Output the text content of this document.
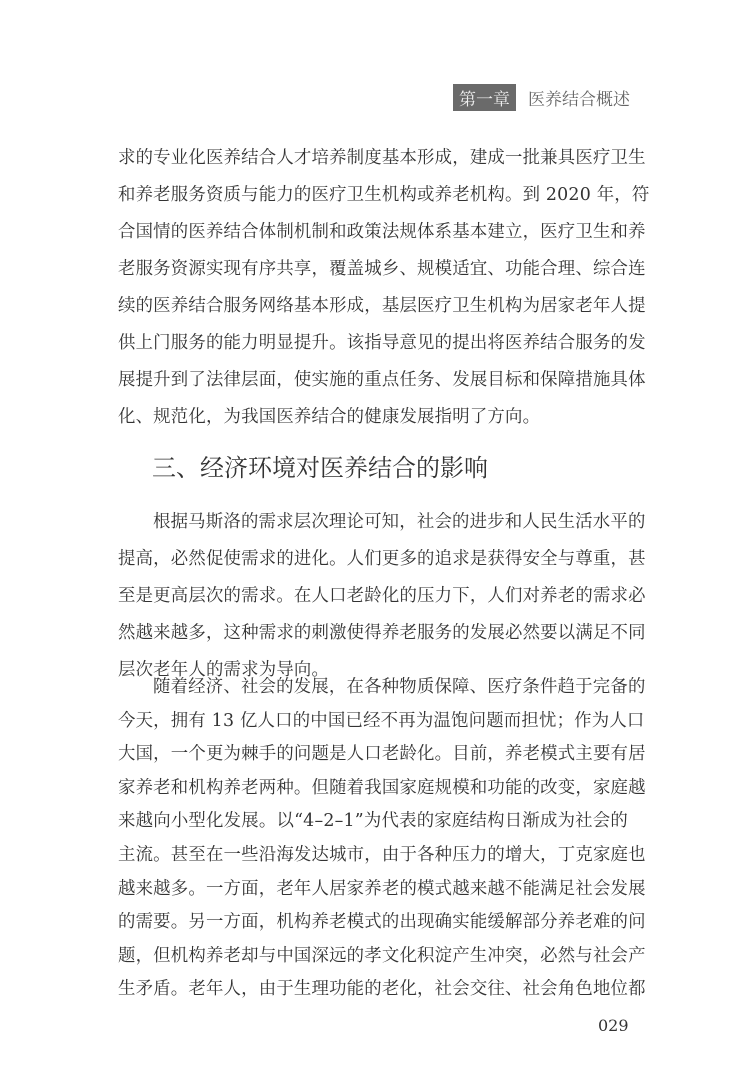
第一章	医养结合概述
求的专业化医养结合人才培养制度基本形成，建成一批兼具医疗卫生
和养老服务资质与能力的医疗卫生机构或养老机构。到 2020 年，符
合国情的医养结合体制机制和政策法规体系基本建立，医疗卫生和养
老服务资源实现有序共享，覆盖城乡、规模适宜、功能合理、综合连
续的医养结合服务网络基本形成，基层医疗卫生机构为居家老年人提
供上门服务的能力明显提升。该指导意见的提出将医养结合服务的发
展提升到了法律层面，使实施的重点任务、发展目标和保障措施具体
化、规范化，为我国医养结合的健康发展指明了方向。
三、经济环境对医养结合的影响
根据马斯洛的需求层次理论可知，社会的进步和人民生活水平的
提高，必然促使需求的进化。人们更多的追求是获得安全与尊重，甚
至是更高层次的需求。在人口老龄化的压力下，人们对养老的需求必
然越来越多，这种需求的刺激使得养老服务的发展必然要以满足不同
层次老年人的需求为导向。
随着经济、社会的发展，在各种物质保障、医疗条件趋于完备的
今天，拥有 13 亿人口的中国已经不再为温饱问题而担忧；作为人口
大国，一个更为棘手的问题是人口老龄化。目前，养老模式主要有居
家养老和机构养老两种。但随着我国家庭规模和功能的改变，家庭越
来越向小型化发展。以“4–2–1”为代表的家庭结构日渐成为社会的
主流。甚至在一些沿海发达城市，由于各种压力的增大，丁克家庭也
越来越多。一方面，老年人居家养老的模式越来越不能满足社会发展
的需要。另一方面，机构养老模式的出现确实能缓解部分养老难的问
题，但机构养老却与中国深远的孝文化积淀产生冲突，必然与社会产
生矛盾。老年人，由于生理功能的老化，社会交往、社会角色地位都
029
